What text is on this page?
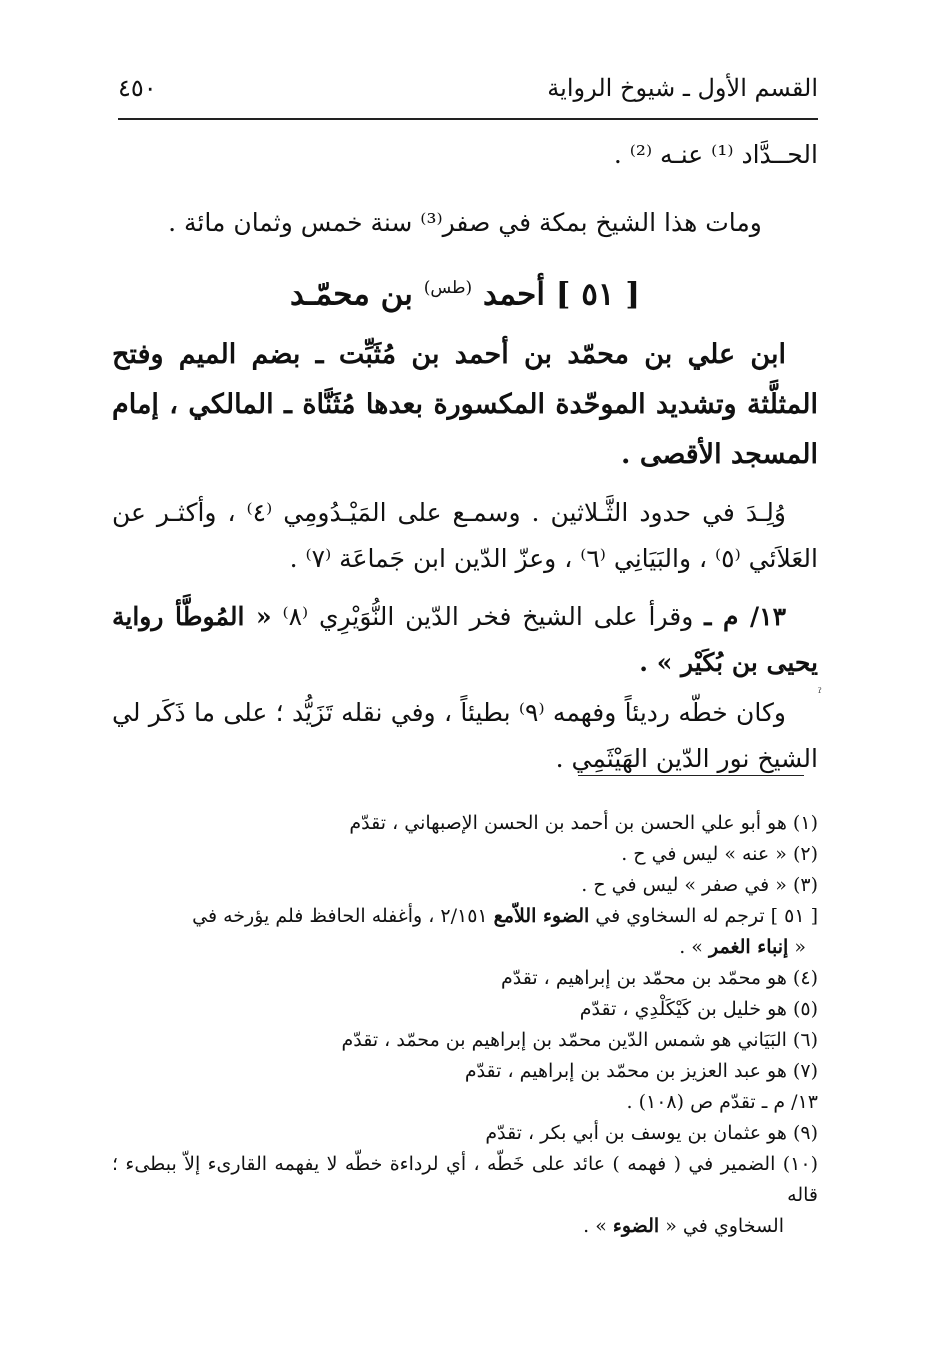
القسم الأول ـ شيوخ الرواية
٤٥٠

الحــدَّاد ⁽¹⁾ عنـه ⁽²⁾ .

ومات هذا الشيخ بمكة في صفر⁽³⁾ سنة خمس وثمان مائة .

[ ٥١ ] أحمد $^{(طس)}$ بن محمّـد

ابن علي بن محمّد بن أحمد بن مُثَبِّت ـ بضم الميم وفتح المثلَّثة وتشديد الموحّدة المكسورة بعدها مُثَنَّاة ـ المالكي ، إمام المسجد الأقصى .

وُلِـدَ في حدود الثَّـلاثين . وسمـع على المَيْـدُومِي ⁽٤⁾ ، وأكثـر عن العَلاَئي ⁽٥⁾ ، والبَيَانِي ⁽٦⁾ ، وعزّ الدّين ابن جَماعَة ⁽٧⁾ .

١٣/ م ـ وقرأ على الشيخ فخر الدّين النُّوَيْرِي ⁽٨⁾ « المُوطَّأ رواية يحيى بن بُكَيْر » .

وكان خطّه رديئاً وفهمه ⁽٩⁾ بطيئاً ، وفي نقله تَزَيُّد ؛ على ما ذَكَر لي الشيخ نور الدّين الهَيْثَمِي .

ˀ

(١) هو أبو علي الحسن بن أحمد بن الحسن الإصبهاني ، تقدّم

(٢) « عنه » ليس في ح .

(٣) « في صفر » ليس في ح .

[ ٥١ ] ترجم له السخاوي في الضوء اللاّمع ٢/١٥١ ، وأغفله الحافظ فلم يؤرخه في

« إنباء الغمر » .

(٤) هو محمّد بن محمّد بن إبراهيم ، تقدّم

(٥) هو خليل بن كَيْكَلْدِي ، تقدّم

(٦) البَيَاني هو شمس الدّين محمّد بن إبراهيم بن محمّد ، تقدّم

(٧) هو عبد العزيز بن محمّد بن إبراهيم ، تقدّم

١٣/ م ـ تقدّم ص (١٠٨) .

(٩) هو عثمان بن يوسف بن أبي بكر ، تقدّم

(١٠) الضمير في ( فهمه ) عائد على خَطّه ، أي لرداءة خطّه لا يفهمه القارىء إلاّ ببطىء ؛ قاله

السخاوي في « الضوء » .
